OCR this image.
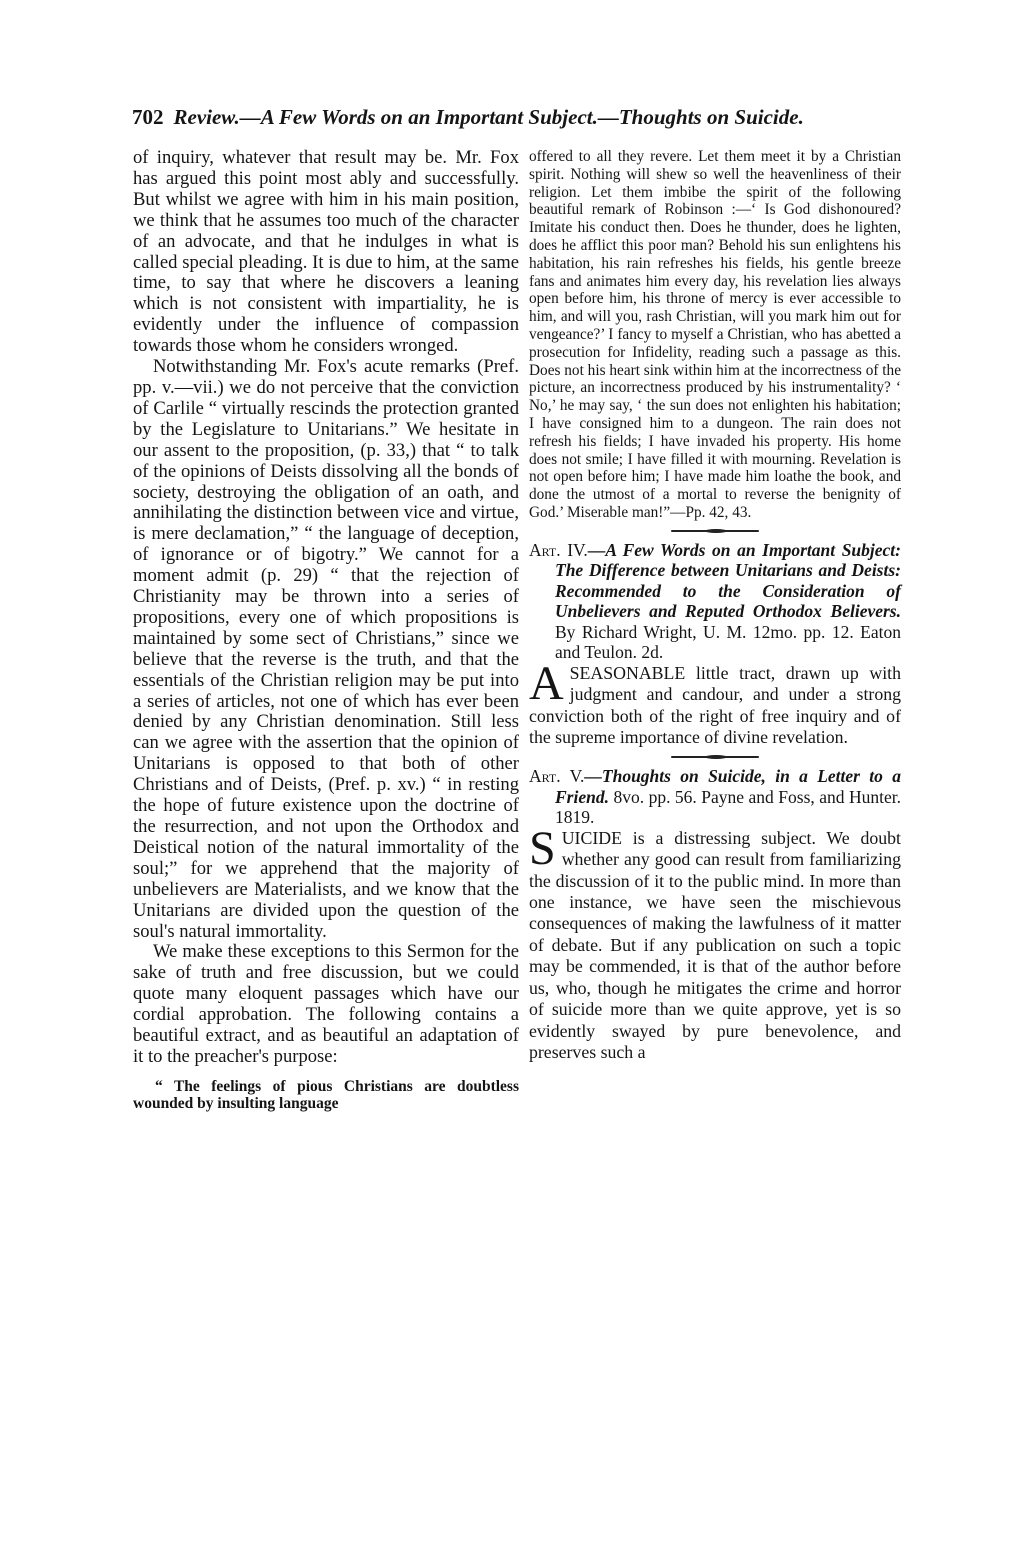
702 Review.—A Few Words on an Important Subject.—Thoughts on Suicide.

of inquiry, whatever that result may be. Mr. Fox has argued this point most ably and successfully. But whilst we agree with him in his main position, we think that he assumes too much of the character of an advocate, and that he indulges in what is called special pleading. It is due to him, at the same time, to say that where he discovers a leaning which is not consistent with impartiality, he is evidently under the influence of compassion towards those whom he considers wronged.

Notwithstanding Mr. Fox's acute remarks (Pref. pp. v.—vii.) we do not perceive that the conviction of Carlile “ virtually rescinds the protection granted by the Legislature to Unitarians.” We hesitate in our assent to the proposition, (p. 33,) that “ to talk of the opinions of Deists dissolving all the bonds of society, destroying the obligation of an oath, and annihilating the distinction between vice and virtue, is mere declamation,” “ the language of deception, of ignorance or of bigotry.” We cannot for a moment admit (p. 29) “ that the rejection of Christianity may be thrown into a series of propositions, every one of which propositions is maintained by some sect of Christians,” since we believe that the reverse is the truth, and that the essentials of the Christian religion may be put into a series of articles, not one of which has ever been denied by any Christian denomination. Still less can we agree with the assertion that the opinion of Unitarians is opposed to that both of other Christians and of Deists, (Pref. p. xv.) “ in resting the hope of future existence upon the doctrine of the resurrection, and not upon the Orthodox and Deistical notion of the natural immortality of the soul;” for we apprehend that the majority of unbelievers are Materialists, and we know that the Unitarians are divided upon the question of the soul's natural immortality.

We make these exceptions to this Sermon for the sake of truth and free discussion, but we could quote many eloquent passages which have our cordial approbation. The following contains a beautiful extract, and as beautiful an adaptation of it to the preacher's purpose:

“ The feelings of pious Christians are doubtless wounded by insulting language

offered to all they revere. Let them meet it by a Christian spirit. Nothing will shew so well the heavenliness of their religion. Let them imbibe the spirit of the following beautiful remark of Robinson :—‘ Is God dishonoured? Imitate his conduct then. Does he thunder, does he lighten, does he afflict this poor man? Behold his sun enlightens his habitation, his rain refreshes his fields, his gentle breeze fans and animates him every day, his revelation lies always open before him, his throne of mercy is ever accessible to him, and will you, rash Christian, will you mark him out for vengeance?’ I fancy to myself a Christian, who has abetted a prosecution for Infidelity, reading such a passage as this. Does not his heart sink within him at the incorrectness of the picture, an incorrectness produced by his instrumentality? ‘ No,’ he may say, ‘ the sun does not enlighten his habitation; I have consigned him to a dungeon. The rain does not refresh his fields; I have invaded his property. His home does not smile; I have filled it with mourning. Revelation is not open before him; I have made him loathe the book, and done the utmost of a mortal to reverse the benignity of God.’ Miserable man!”—Pp. 42, 43.

Art. IV.—A Few Words on an Important Subject: The Difference between Unitarians and Deists: Recommended to the Consideration of Unbelievers and Reputed Orthodox Believers. By Richard Wright, U. M. 12mo. pp. 12. Eaton and Teulon. 2d.

ASEASONABLE little tract, drawn up with judgment and candour, and under a strong conviction both of the right of free inquiry and of the supreme importance of divine revelation.

Art. V.—Thoughts on Suicide, in a Letter to a Friend. 8vo. pp. 56. Payne and Foss, and Hunter. 1819.

SUICIDE is a distressing subject. We doubt whether any good can result from familiarizing the discussion of it to the public mind. In more than one instance, we have seen the mischievous consequences of making the lawfulness of it matter of debate. But if any publication on such a topic may be commended, it is that of the author before us, who, though he mitigates the crime and horror of suicide more than we quite approve, yet is so evidently swayed by pure benevolence, and preserves such a
